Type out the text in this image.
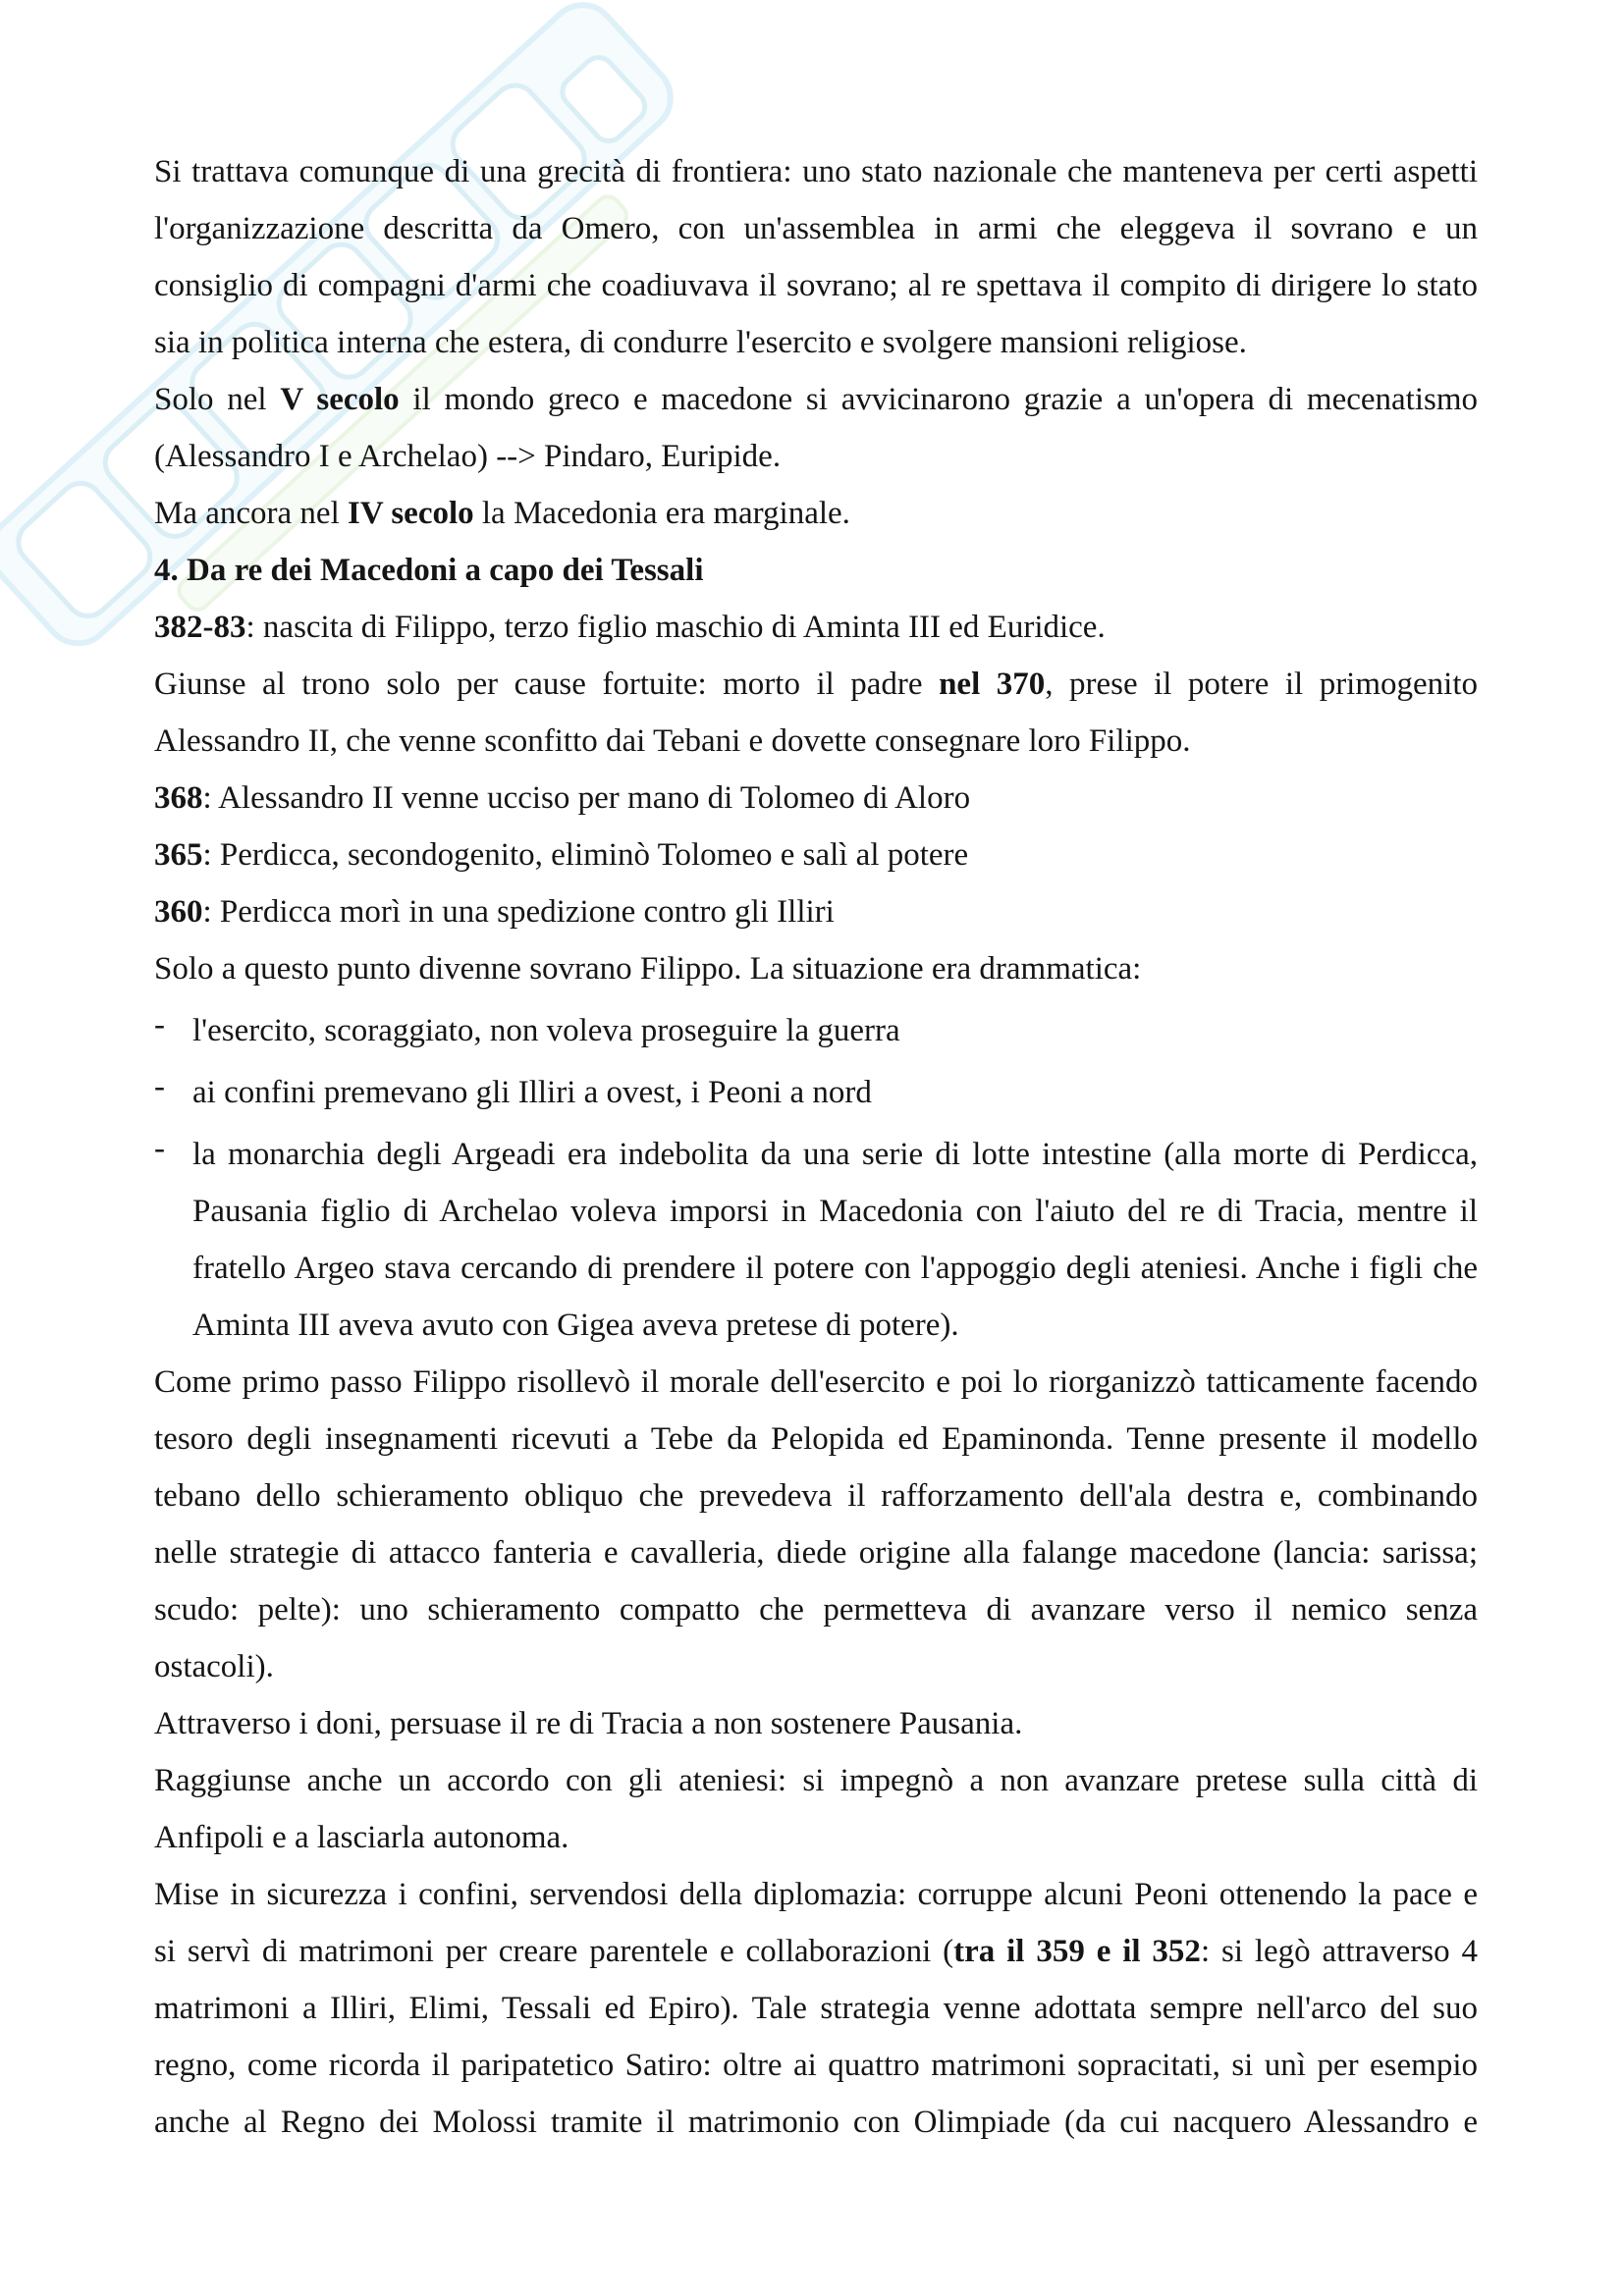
Si trattava comunque di una grecità di frontiera: uno stato nazionale che manteneva per certi aspetti
l'organizzazione descritta da Omero, con un'assemblea in armi che eleggeva il sovrano e un
consiglio di compagni d'armi che coadiuvava il sovrano; al re spettava il compito di dirigere lo stato
sia in politica interna che estera, di condurre l'esercito e svolgere mansioni religiose.
Solo nel V secolo il mondo greco e macedone si avvicinarono grazie a un'opera di mecenatismo
(Alessandro I e Archelao) --> Pindaro, Euripide.
Ma ancora nel IV secolo la Macedonia era marginale.
4. Da re dei Macedoni a capo dei Tessali
382-83: nascita di Filippo, terzo figlio maschio di Aminta III ed Euridice.
Giunse al trono solo per cause fortuite: morto il padre nel 370, prese il potere il primogenito
Alessandro II, che venne sconfitto dai Tebani e dovette consegnare loro Filippo.
368: Alessandro II venne ucciso per mano di Tolomeo di Aloro
365: Perdicca, secondogenito, eliminò Tolomeo e salì al potere
360: Perdicca morì in una spedizione contro gli Illiri
Solo a questo punto divenne sovrano Filippo. La situazione era drammatica:
- l'esercito, scoraggiato, non voleva proseguire la guerra
- ai confini premevano gli Illiri a ovest, i Peoni a nord
- la monarchia degli Argeadi era indebolita da una serie di lotte intestine (alla morte di Perdicca,
Pausania figlio di Archelao voleva imporsi in Macedonia con l'aiuto del re di Tracia, mentre il
fratello Argeo stava cercando di prendere il potere con l'appoggio degli ateniesi. Anche i figli che
Aminta III aveva avuto con Gigea aveva pretese di potere).
Come primo passo Filippo risollevò il morale dell'esercito e poi lo riorganizzò tatticamente facendo
tesoro degli insegnamenti ricevuti a Tebe da Pelopida ed Epaminonda. Tenne presente il modello
tebano dello schieramento obliquo che prevedeva il rafforzamento dell'ala destra e, combinando
nelle strategie di attacco fanteria e cavalleria, diede origine alla falange macedone (lancia: sarissa;
scudo: pelte): uno schieramento compatto che permetteva di avanzare verso il nemico senza
ostacoli).
Attraverso i doni, persuase il re di Tracia a non sostenere Pausania.
Raggiunse anche un accordo con gli ateniesi: si impegnò a non avanzare pretese sulla città di
Anfipoli e a lasciarla autonoma.
Mise in sicurezza i confini, servendosi della diplomazia: corruppe alcuni Peoni ottenendo la pace e
si servì di matrimoni per creare parentele e collaborazioni (tra il 359 e il 352: si legò attraverso 4
matrimoni a Illiri, Elimi, Tessali ed Epiro). Tale strategia venne adottata sempre nell'arco del suo
regno, come ricorda il paripatetico Satiro: oltre ai quattro matrimoni sopracitati, si unì per esempio
anche al Regno dei Molossi tramite il matrimonio con Olimpiade (da cui nacquero Alessandro e
